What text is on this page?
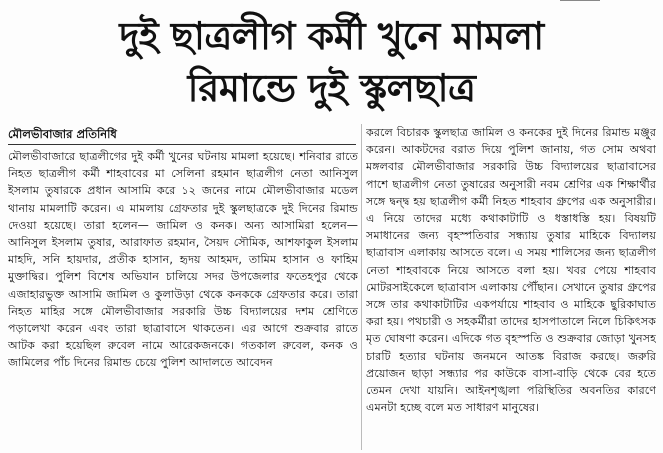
দুই ছাত্রলীগ কর্মী খুনে মামলা
রিমান্ডে দুই স্কুলছাত্র
মৌলভীবাজার প্রতিনিধি

মৌলভীবাজারে ছাত্রলীগের দুই কর্মী খুনের ঘটনায় মামলা হয়েছে। শনিবার রাতে নিহত ছাত্রলীগ কর্মী শাহবাবের মা সেলিনা রহমান ছাত্রলীগ নেতা আনিসুল ইসলাম তুষারকে প্রধান আসামি করে ১২ জনের নামে মৌলভীবাজার মডেল থানায় মামলাটি করেন। এ মামলায় গ্রেফতার দুই স্কুলছাত্রকে দুই দিনের রিমান্ড দেওয়া হয়েছে। তারা হলেন— জামিল ও কনক। অন্য আসামিরা হলেন— আনিসুল ইসলাম তুষার, আরাফাত রহমান, সৈয়দ সৌমিক, আশফাকুল ইসলাম মাহদি, সনি হায়দার, প্রতীক হাসান, হৃদয় আহমদ, তামিম হাসান ও ফাহিম মুক্তাদ্বির। পুলিশ বিশেষ অভিযান চালিয়ে সদর উপজেলার ফতেহপুর থেকে এজাহারভুক্ত আসামি জামিল ও কুলাউড়া থেকে কনককে গ্রেফতার করে। তারা নিহত মাহির সঙ্গে মৌলভীবাজার সরকারি উচ্চ বিদ্যালয়ের দশম শ্রেণিতে পড়ালেখা করেন এবং তারা ছাত্রাবাসে থাকতেন। এর আগে শুক্রবার রাতে আটক করা হয়েছিল রুবেল নামে আরেকজনকে। গতকাল রুবেল, কনক ও জামিলের পাঁচ দিনের রিমান্ড চেয়ে পুলিশ আদালতে আবেদন

করলে বিচারক স্কুলছাত্র জামিল ও কনকের দুই দিনের রিমান্ড মঞ্জুর করেন। আকটদের বরাত দিয়ে পুলিশ জানায়, গত সোম অথবা মঙ্গলবার মৌলভীবাজার সরকারি উচ্চ বিদ্যালয়ের ছাত্রাবাসের পাশে ছাত্রলীগ নেতা তুষারের অনুসারী নবম শ্রেণির এক শিক্ষার্থীর সঙ্গে দ্বন্দ্ব হয় ছাত্রলীগ কর্মী নিহত শাহবাব গ্রুপের এক অনুসারীর। এ নিয়ে তাদের মধ্যে কথাকাটাটি ও ধস্তাধস্তি হয়। বিষয়টি সমাধানের জন্য বৃহস্পতিবার সন্ধ্যায় তুষার মাহিকে বিদ্যালয় ছাত্রাবাস এলাকায় আসতে বলে। এ সময় শালিসের জন্য ছাত্রলীগ নেতা শাহবাবকে নিয়ে আসতে বলা হয়। খবর পেয়ে শাহবাব মোটরসাইকেলে ছাত্রাবাস এলাকায় পৌঁছান। সেখানে তুষার গ্রুপের সঙ্গে তার কথাকাটাটির একপর্যায়ে শাহবাব ও মাহিকে ছুরিকাঘাত করা হয়। পথচারী ও সহকর্মীরা তাদের হাসপাতালে নিলে চিকিৎসক মৃত ঘোষণা করেন। এদিকে গত বৃহস্পতি ও শুক্রবার জোড়া খুনসহ চারটি হত্যার ঘটনায় জনমনে আতঙ্ক বিরাজ করছে। জরুরি প্রয়োজন ছাড়া সন্ধ্যার পর কাউকে বাসা-বাড়ি থেকে বের হতে তেমন দেখা যায়নি। আইনশৃঙ্খলা পরিস্থিতির অবনতির কারণে এমনটা হচ্ছে বলে মত সাধারণ মানুষের।
